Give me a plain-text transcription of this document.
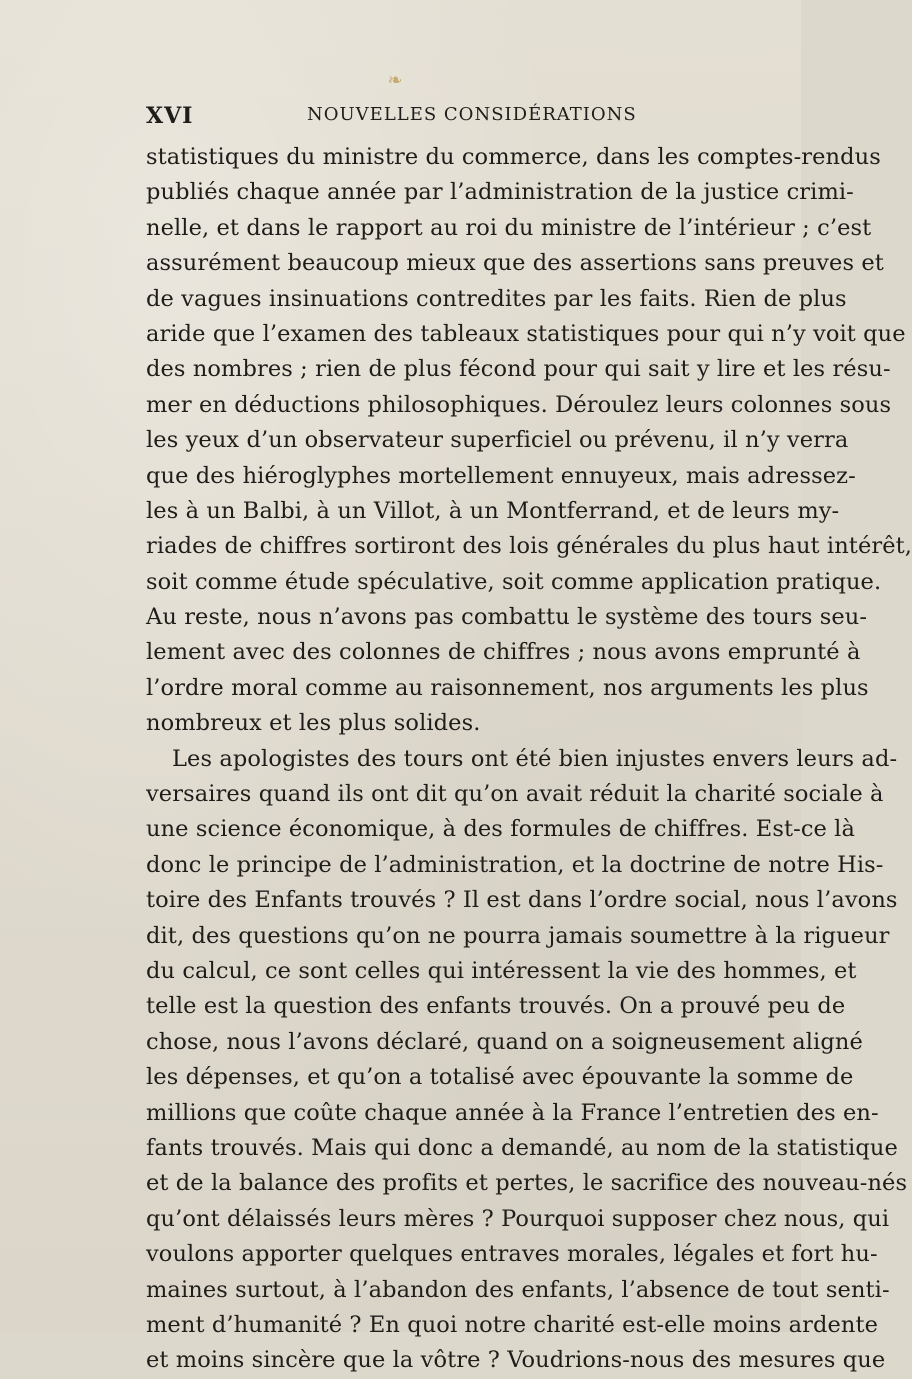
❧
XVI	NOUVELLES CONSIDÉRATIONS
statistiques du ministre du commerce, dans les comptes-rendus
publiés chaque année par l’administration de la justice crimi-
nelle, et dans le rapport au roi du ministre de l’intérieur ; c’est
assurément beaucoup mieux que des assertions sans preuves et
de vagues insinuations contredites par les faits. Rien de plus
aride que l’examen des tableaux statistiques pour qui n’y voit que
des nombres ; rien de plus fécond pour qui sait y lire et les résu-
mer en déductions philosophiques. Déroulez leurs colonnes sous
les yeux d’un observateur superficiel ou prévenu, il n’y verra
que des hiéroglyphes mortellement ennuyeux, mais adressez-
les à un Balbi, à un Villot, à un Montferrand, et de leurs my-
riades de chiffres sortiront des lois générales du plus haut intérêt,
soit comme étude spéculative, soit comme application pratique.
Au reste, nous n’avons pas combattu le système des tours seu-
lement avec des colonnes de chiffres ; nous avons emprunté à
l’ordre moral comme au raisonnement, nos arguments les plus
nombreux et les plus solides.
Les apologistes des tours ont été bien injustes envers leurs ad-
versaires quand ils ont dit qu’on avait réduit la charité sociale à
une science économique, à des formules de chiffres. Est-ce là
donc le principe de l’administration, et la doctrine de notre His-
toire des Enfants trouvés ? Il est dans l’ordre social, nous l’avons
dit, des questions qu’on ne pourra jamais soumettre à la rigueur
du calcul, ce sont celles qui intéressent la vie des hommes, et
telle est la question des enfants trouvés. On a prouvé peu de
chose, nous l’avons déclaré, quand on a soigneusement aligné
les dépenses, et qu’on a totalisé avec épouvante la somme de
millions que coûte chaque année à la France l’entretien des en-
fants trouvés. Mais qui donc a demandé, au nom de la statistique
et de la balance des profits et pertes, le sacrifice des nouveau-nés
qu’ont délaissés leurs mères ? Pourquoi supposer chez nous, qui
voulons apporter quelques entraves morales, légales et fort hu-
maines surtout, à l’abandon des enfants, l’absence de tout senti-
ment d’humanité ? En quoi notre charité est-elle moins ardente
et moins sincère que la vôtre ? Voudrions-nous des mesures que
